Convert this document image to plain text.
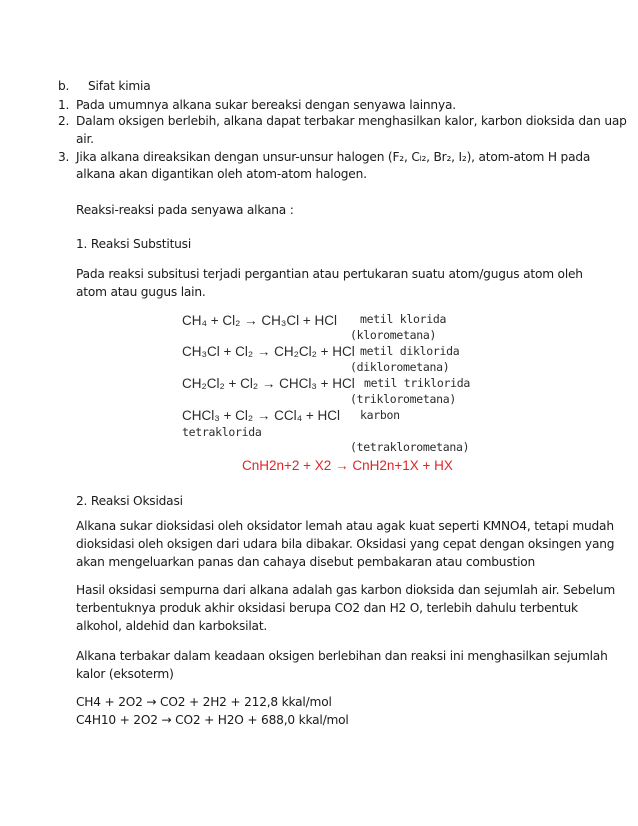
b. Sifat kimia
1. Pada umumnya alkana sukar bereaksi dengan senyawa lainnya.
2. Dalam oksigen berlebih, alkana dapat terbakar menghasilkan kalor, karbon dioksida dan uap
air.
3. Jika alkana direaksikan dengan unsur-unsur halogen (F₂, Cₗ₂, Br₂, I₂), atom-atom H pada
alkana akan digantikan oleh atom-atom halogen.
Reaksi-reaksi pada senyawa alkana :
1. Reaksi Substitusi
Pada reaksi subsitusi terjadi pergantian atau pertukaran suatu atom/gugus atom oleh
atom atau gugus lain.
CH₄ + Cl₂ → CH₃Cl + HCl
CH₃Cl + Cl₂ → CH₂Cl₂ + HCl
CH₂Cl₂ + Cl₂ → CHCl₃ + HCl
CHCl₃ + Cl₂ → CCl₄ + HCl
metil klorida
(klorometana)
metil diklorida
(diklorometana)
metil triklorida
(triklorometana)
karbon
tetraklorida
(tetraklorometana)
CnH2n+2 + X2 → CnH2n+1X + HX
2. Reaksi Oksidasi
Alkana sukar dioksidasi oleh oksidator lemah atau agak kuat seperti KMNO4, tetapi mudah
dioksidasi oleh oksigen dari udara bila dibakar. Oksidasi yang cepat dengan oksingen yang
akan mengeluarkan panas dan cahaya disebut pembakaran atau combustion
Hasil oksidasi sempurna dari alkana adalah gas karbon dioksida dan sejumlah air. Sebelum
terbentuknya produk akhir oksidasi berupa CO2 dan H2 O, terlebih dahulu terbentuk
alkohol, aldehid dan karboksilat.
Alkana terbakar dalam keadaan oksigen berlebihan dan reaksi ini menghasilkan sejumlah
kalor (eksoterm)
CH4 + 2O2 → CO2 + 2H2 + 212,8 kkal/mol
C4H10 + 2O2 → CO2 + H2O + 688,0 kkal/mol
